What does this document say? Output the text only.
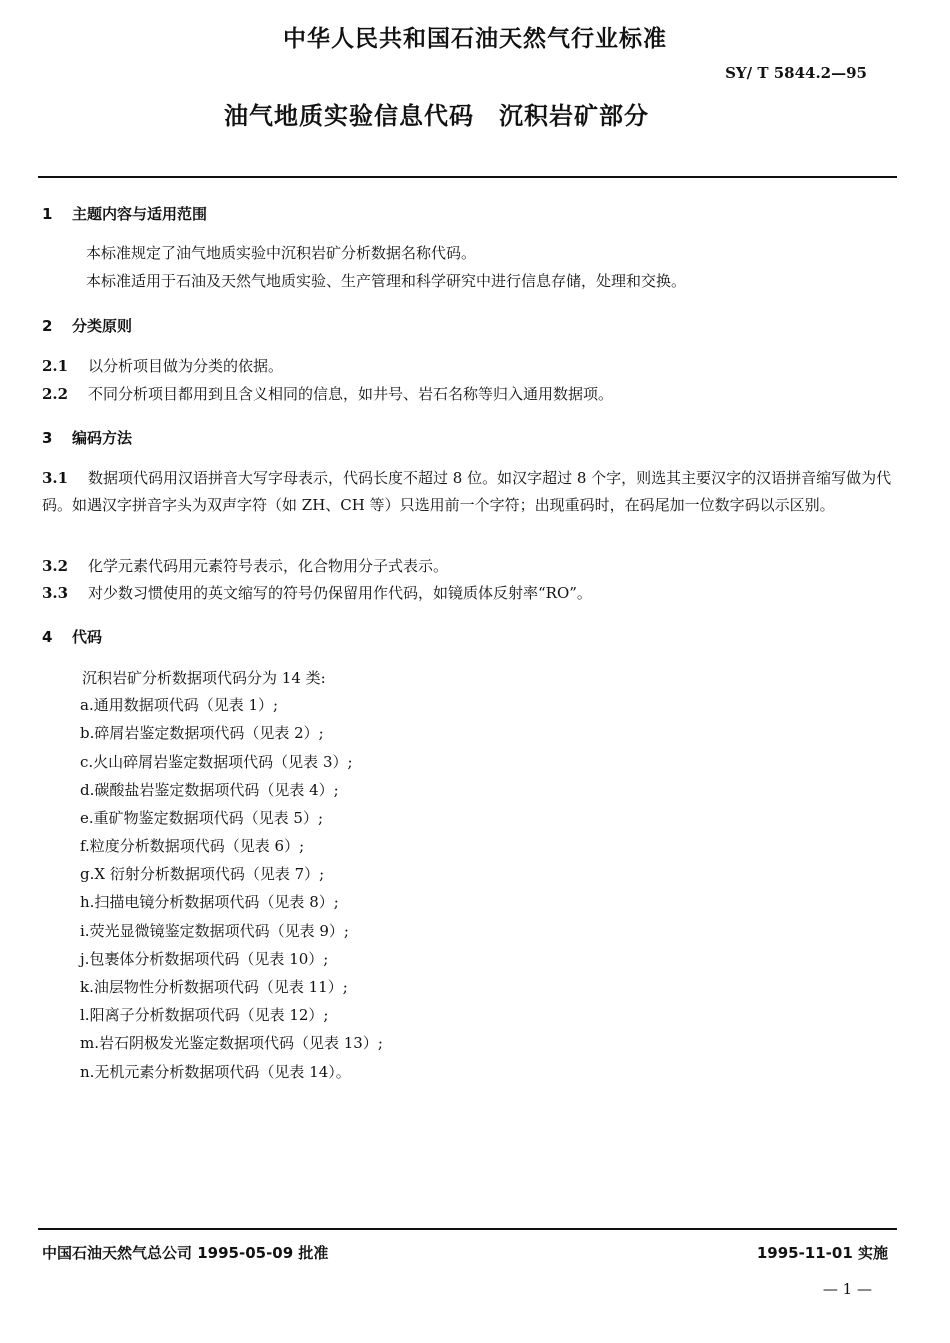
中华人民共和国石油天然气行业标准
SY/ T 5844.2—95
油气地质实验信息代码　沉积岩矿部分
1 主题内容与适用范围
本标准规定了油气地质实验中沉积岩矿分析数据名称代码。
本标准适用于石油及天然气地质实验、生产管理和科学研究中进行信息存储，处理和交换。
2 分类原则
2.1 以分析项目做为分类的依据。
2.2 不同分析项目都用到且含义相同的信息，如井号、岩石名称等归入通用数据项。
3 编码方法
3.1 数据项代码用汉语拼音大写字母表示，代码长度不超过 8 位。如汉字超过 8 个字，则选其主要汉字的汉语拼音缩写做为代码。如遇汉字拼音字头为双声字符（如 ZH、CH 等）只选用前一个字符；出现重码时，在码尾加一位数字码以示区别。
3.2 化学元素代码用元素符号表示，化合物用分子式表示。
3.3 对少数习惯使用的英文缩写的符号仍保留用作代码，如镜质体反射率“RO”。
4 代码
沉积岩矿分析数据项代码分为 14 类:
a.通用数据项代码（见表 1）;
b.碎屑岩鉴定数据项代码（见表 2）;
c.火山碎屑岩鉴定数据项代码（见表 3）;
d.碳酸盐岩鉴定数据项代码（见表 4）;
e.重矿物鉴定数据项代码（见表 5）;
f.粒度分析数据项代码（见表 6）;
g.X 衍射分析数据项代码（见表 7）;
h.扫描电镜分析数据项代码（见表 8）;
i.荧光显微镜鉴定数据项代码（见表 9）;
j.包裹体分析数据项代码（见表 10）;
k.油层物性分析数据项代码（见表 11）;
l.阳离子分析数据项代码（见表 12）;
m.岩石阴极发光鉴定数据项代码（见表 13）;
n.无机元素分析数据项代码（见表 14）。
中国石油天然气总公司 1995-05-09 批准	1995-11-01 实施
— 1 —
